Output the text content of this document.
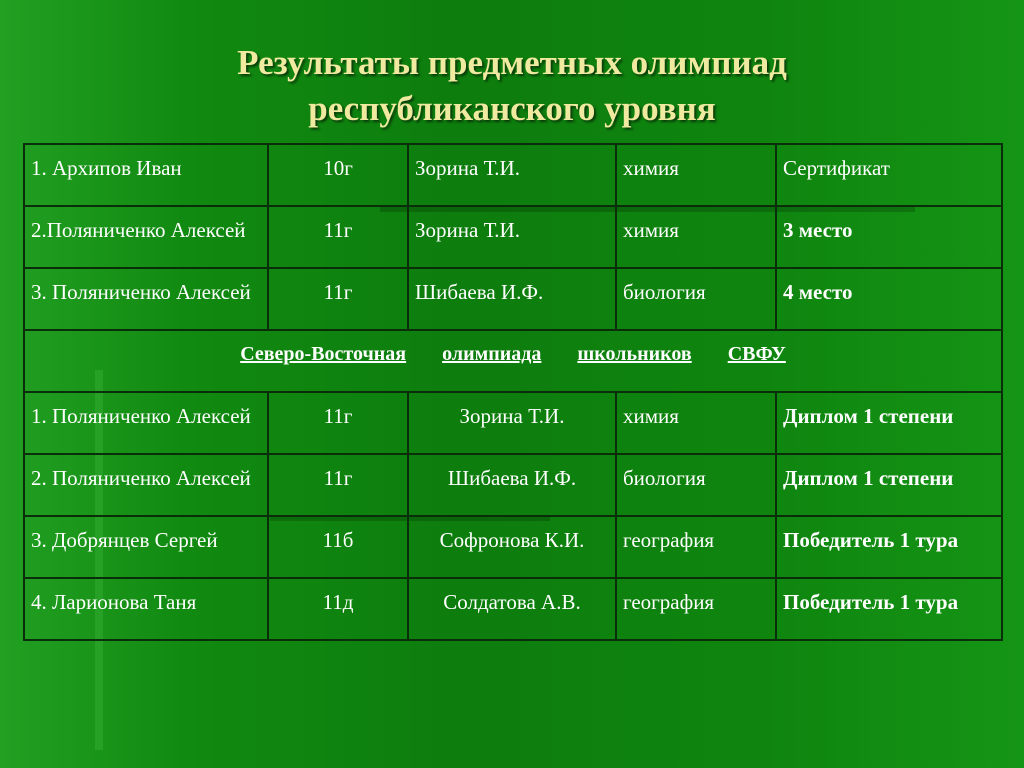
Результаты предметных олимпиад
республиканского уровня
1. Архипов Иван	10г	Зорина Т.И.	химия	Сертификат
2.Поляниченко Алексей	11г	Зорина Т.И.	химия	3 место
3. Поляниченко Алексей	11г	Шибаева И.Ф.	биология	4 место
Северо-Восточная олимпиада школьников СВФУ				
1. Поляниченко Алексей	11г	Зорина Т.И.	химия	Диплом 1 степени
2. Поляниченко Алексей	11г	Шибаева И.Ф.	биология	Диплом 1 степени
3. Добрянцев Сергей	11б	Софронова К.И.	география	Победитель 1 тура
4. Ларионова Таня	11д	Солдатова А.В.	география	Победитель 1 тура
